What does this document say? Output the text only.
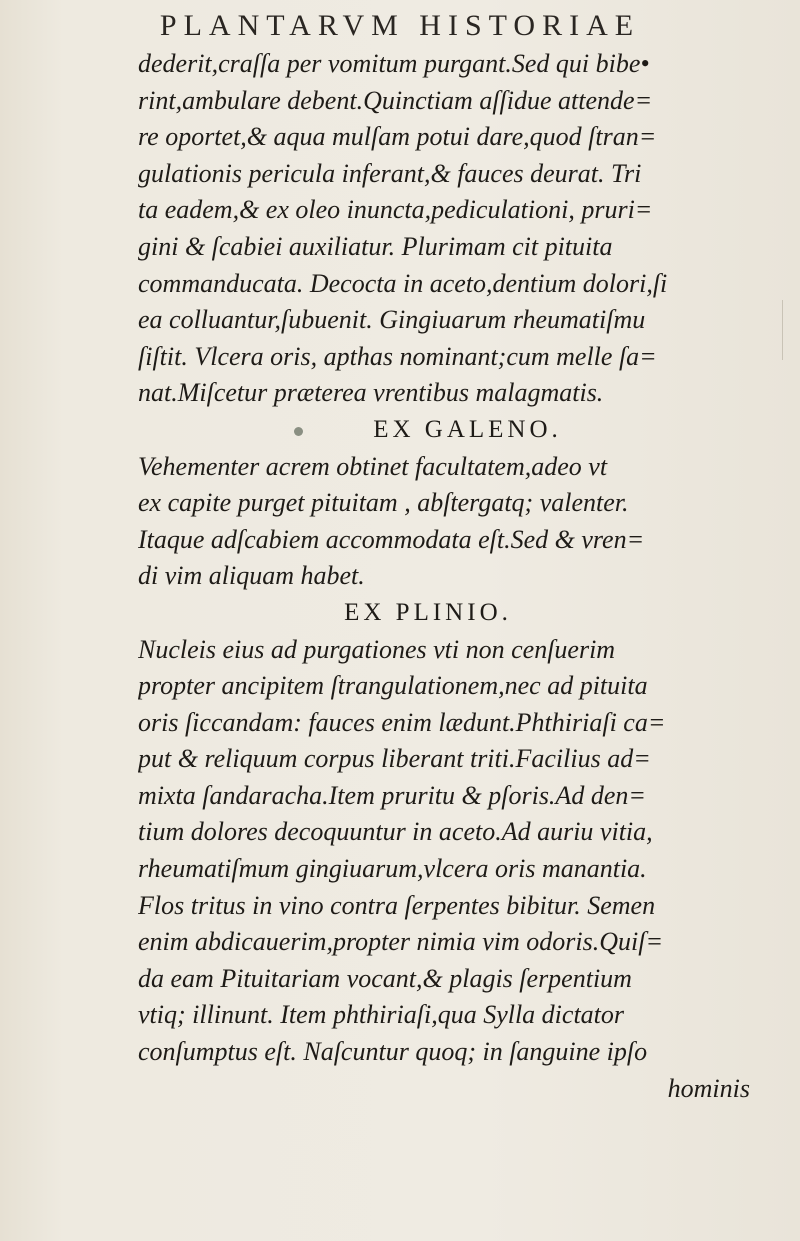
PLANTARVM HISTORIAE
dederit,craſſa per vomitum purgant.Sed qui bibe•
rint,ambulare debent.Quinctiam aſſidue attende=
re oportet,& aqua mulſam potui dare,quod ſtran=
gulationis pericula inferant,& fauces deurat. Tri
ta eadem,& ex oleo inuncta,pediculationi, pruri=
gini & ſcabiei auxiliatur. Plurimam cit pituita
commanducata. Decocta in aceto,dentium dolori,ſi
ea colluantur,ſubuenit. Gingiuarum rheumatiſmu
ſiſtit. Vlcera oris, apthas nominant;cum melle ſa=
nat.Miſcetur præterea vrentibus malagmatis.
EX GALENO.
Vehementer acrem obtinet facultatem,adeo vt
ex capite purget pituitam , abſtergatq; valenter.
Itaque adſcabiem accommodata eſt.Sed & vren=
di vim aliquam habet.
EX PLINIO.
Nucleis eius ad purgationes vti non cenſuerim
propter ancipitem ſtrangulationem,nec ad pituita
oris ſiccandam: fauces enim lædunt.Phthiriaſi ca=
put & reliquum corpus liberant triti.Facilius ad=
mixta ſandaracha.Item pruritu & pſoris.Ad den=
tium dolores decoquuntur in aceto.Ad auriu vitia,
rheumatiſmum gingiuarum,vlcera oris manantia.
Flos tritus in vino contra ſerpentes bibitur. Semen
enim abdicauerim,propter nimia vim odoris.Quiſ=
da eam Pituitariam vocant,& plagis ſerpentium
vtiq; illinunt. Item phthiriaſi,qua Sylla dictator
conſumptus eſt. Naſcuntur quoq; in ſanguine ipſo
hominis
